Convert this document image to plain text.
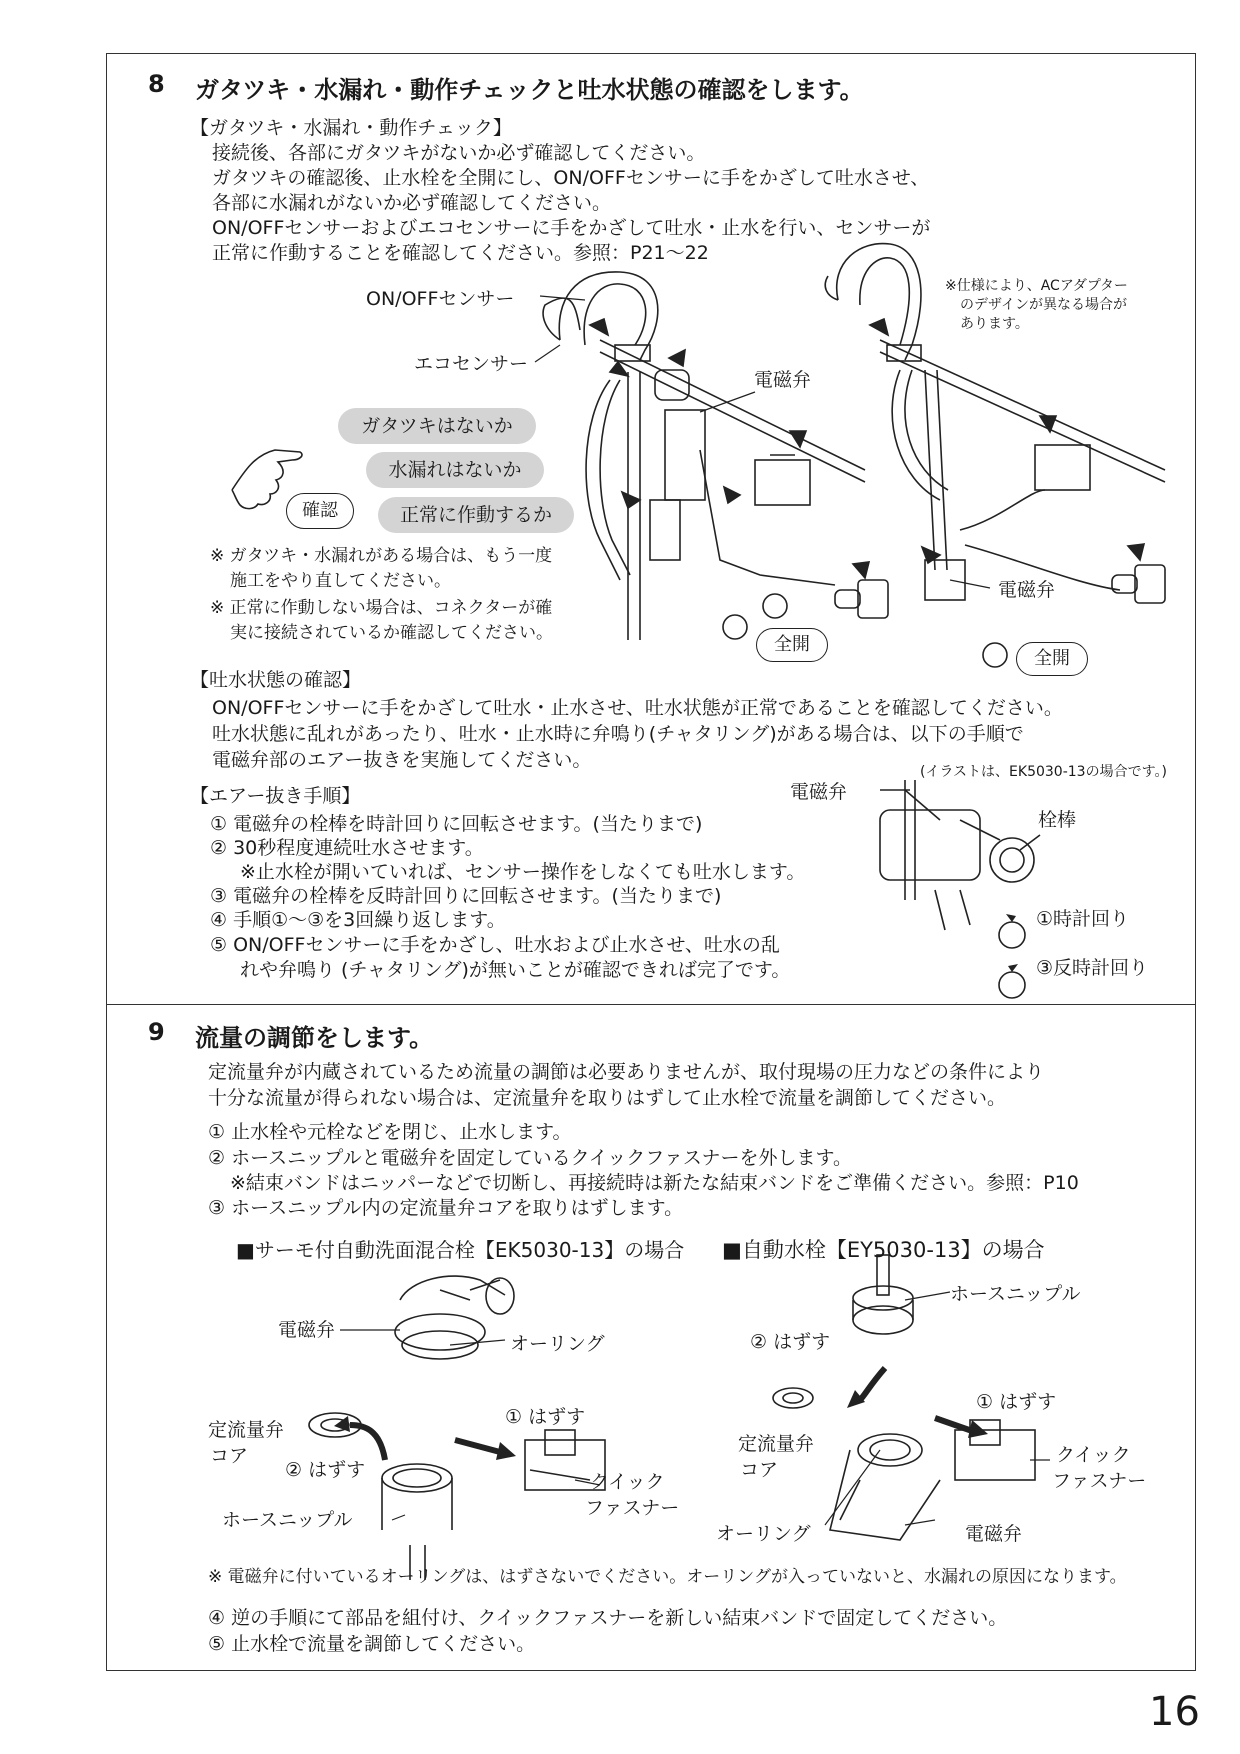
8 ガタツキ・水漏れ・動作チェックと吐水状態の確認をします。
【ガタツキ・水漏れ・動作チェック】
接続後、各部にガタツキがないか必ず確認してください。
ガタツキの確認後、止水栓を全開にし、ON/OFFセンサーに手をかざして吐水させ、
各部に水漏れがないか必ず確認してください。
ON/OFFセンサーおよびエコセンサーに手をかざして吐水・止水を行い、センサーが
正常に作動することを確認してください。参照：P21〜22
ON/OFFセンサー
エコセンサー
電磁弁
電磁弁
※仕様により、ACアダプター
のデザインが異なる場合が
あります。
全開
全開
ガタツキはないか
水漏れはないか
正常に作動するか
確認
※ ガタツキ・水漏れがある場合は、もう一度
施工をやり直してください。
※ 正常に作動しない場合は、コネクターが確
実に接続されているか確認してください。
【吐水状態の確認】
ON/OFFセンサーに手をかざして吐水・止水させ、吐水状態が正常であることを確認してください。
吐水状態に乱れがあったり、吐水・止水時に弁鳴り(チャタリング)がある場合は、以下の手順で
電磁弁部のエアー抜きを実施してください。
【エアー抜き手順】
① 電磁弁の栓棒を時計回りに回転させます。(当たりまで)
② 30秒程度連続吐水させます。
※止水栓が開いていれば、センサー操作をしなくても吐水します。
③ 電磁弁の栓棒を反時計回りに回転させます。(当たりまで)
④ 手順①〜③を3回繰り返します。
⑤ ON/OFFセンサーに手をかざし、吐水および止水させ、吐水の乱
れや弁鳴り (チャタリング)が無いことが確認できれば完了です。
(イラストは、EK5030-13の場合です。)
電磁弁
栓棒
①時計回り
③反時計回り
9 流量の調節をします。
定流量弁が内蔵されているため流量の調節は必要ありませんが、取付現場の圧力などの条件により
十分な流量が得られない場合は、定流量弁を取りはずして止水栓で流量を調節してください。
① 止水栓や元栓などを閉じ、止水します。
② ホースニップルと電磁弁を固定しているクイックファスナーを外します。
※結束バンドはニッパーなどで切断し、再接続時は新たな結束バンドをご準備ください。参照：P10
③ ホースニップル内の定流量弁コアを取りはずします。
■サーモ付自動洗面混合栓【EK5030-13】の場合 ■自動水栓【EY5030-13】の場合
電磁弁
オーリング
① はずす
定流量弁
コア
② はずす
クイック
ファスナー
ホースニップル
ホースニップル
② はずす
① はずす
定流量弁
コア
クイック
ファスナー
オーリング	電磁弁
※ 電磁弁に付いているオーリングは、はずさないでください。オーリングが入っていないと、水漏れの原因になります。
④ 逆の手順にて部品を組付け、クイックファスナーを新しい結束バンドで固定してください。
⑤ 止水栓で流量を調節してください。
16
